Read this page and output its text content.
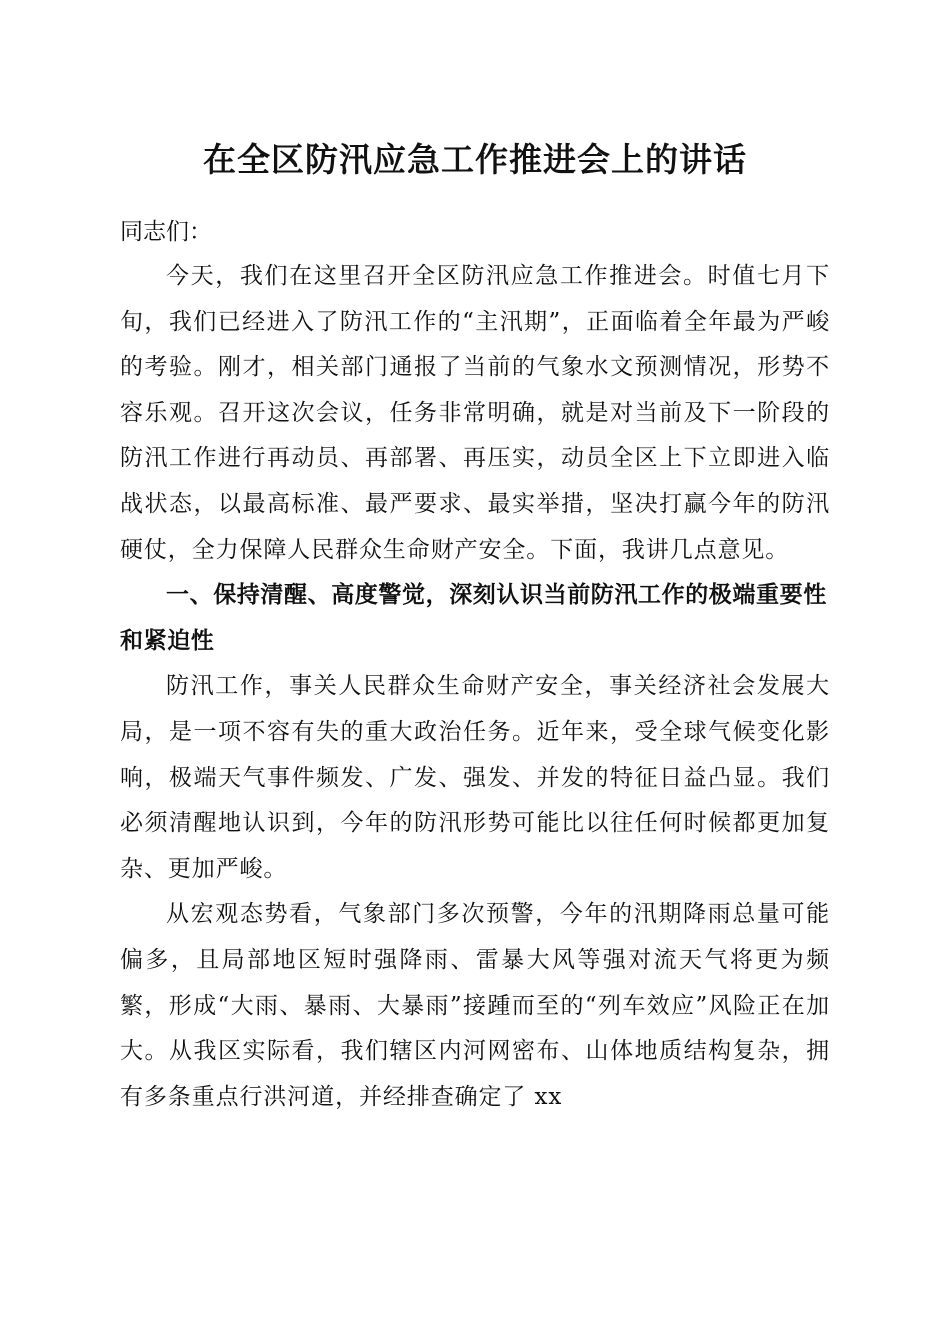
在全区防汛应急工作推进会上的讲话

同志们：

今天，我们在这里召开全区防汛应急工作推进会。时值七月下旬，我们已经进入了防汛工作的“主汛期”，正面临着全年最为严峻的考验。刚才，相关部门通报了当前的气象水文预测情况，形势不容乐观。召开这次会议，任务非常明确，就是对当前及下一阶段的防汛工作进行再动员、再部署、再压实，动员全区上下立即进入临战状态，以最高标准、最严要求、最实举措，坚决打赢今年的防汛硬仗，全力保障人民群众生命财产安全。下面，我讲几点意见。

一、保持清醒、高度警觉，深刻认识当前防汛工作的极端重要性和紧迫性

防汛工作，事关人民群众生命财产安全，事关经济社会发展大局，是一项不容有失的重大政治任务。近年来，受全球气候变化影响，极端天气事件频发、广发、强发、并发的特征日益凸显。我们必须清醒地认识到，今年的防汛形势可能比以往任何时候都更加复杂、更加严峻。

从宏观态势看，气象部门多次预警，今年的汛期降雨总量可能偏多，且局部地区短时强降雨、雷暴大风等强对流天气将更为频繁，形成“大雨、暴雨、大暴雨”接踵而至的“列车效应”风险正在加大。从我区实际看，我们辖区内河网密布、山体地质结构复杂，拥有多条重点行洪河道，并经排查确定了 xx
